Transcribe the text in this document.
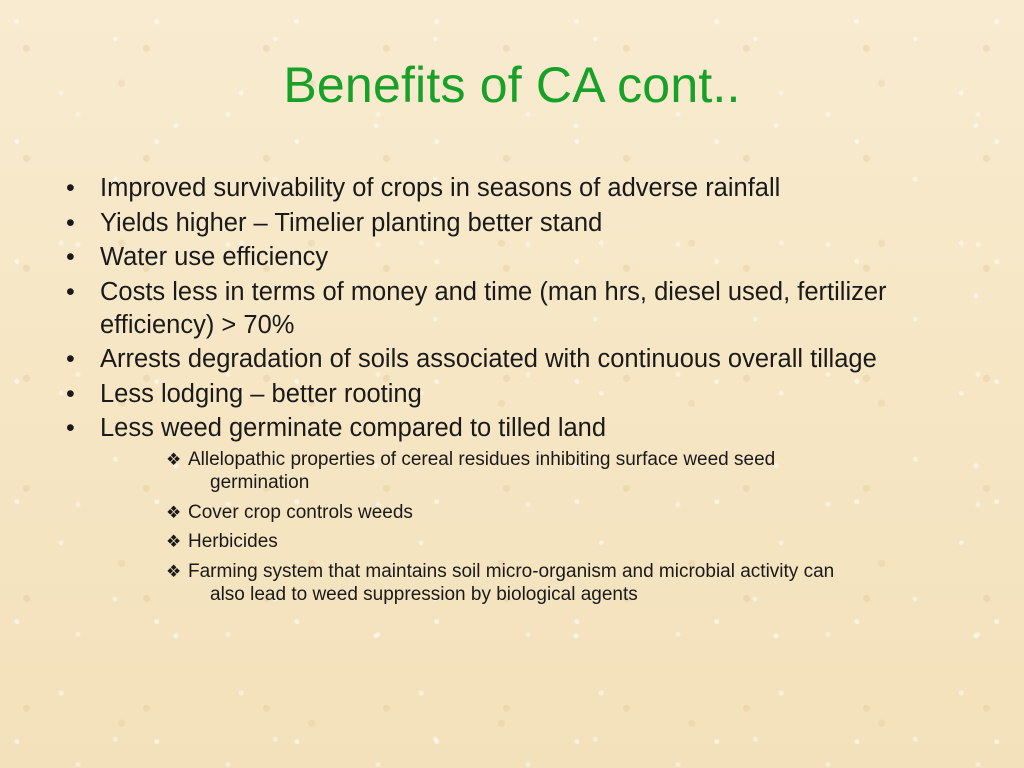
Benefits of CA cont..
• Improved survivability of crops in seasons of adverse rainfall
• Yields higher – Timelier planting better stand
• Water use efficiency
• Costs less in terms of money and time (man hrs, diesel used, fertilizer efficiency) > 70%
• Arrests degradation of soils associated with continuous overall tillage
• Less lodging – better rooting
• Less weed germinate compared to tilled land
❖ Allelopathic properties of cereal residues inhibiting surface weed seed
germination
❖ Cover crop controls weeds
❖ Herbicides
❖ Farming system that maintains soil micro-organism and microbial activity can
also lead to weed suppression by biological agents
